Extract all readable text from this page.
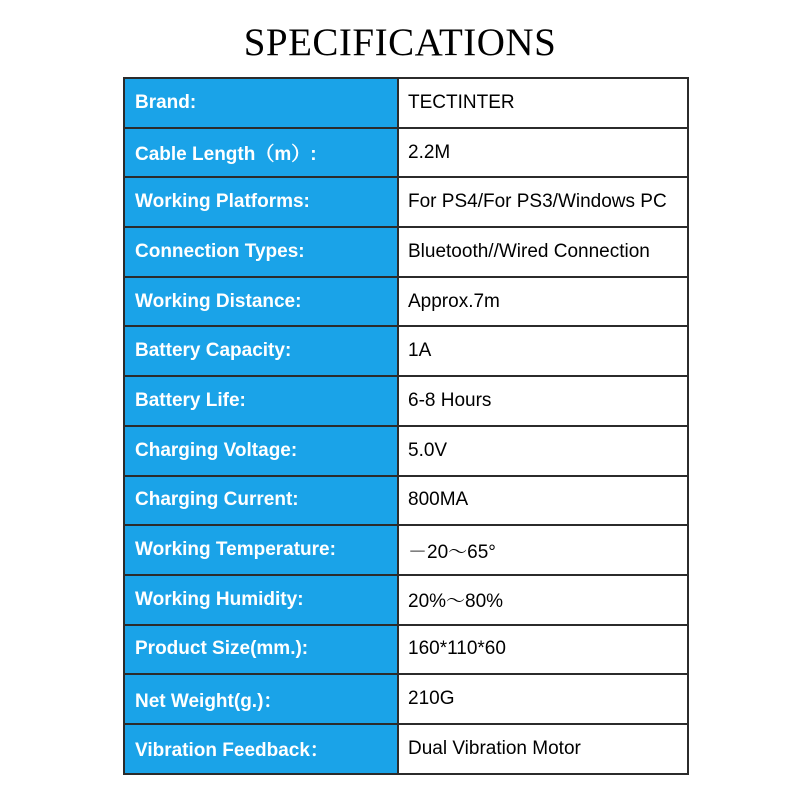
SPECIFICATIONS
Brand:	TECTINTER
Cable Length（m）:	2.2M
Working Platforms:	For PS4/For PS3/Windows PC
Connection Types:	Bluetooth//Wired Connection
Working Distance:	Approx.7m
Battery Capacity:	1A
Battery Life:	6-8 Hours
Charging Voltage:	5.0V
Charging Current:	800MA
Working Temperature:	－20～65°
Working Humidity:	20%～80%
Product Size(mm.):	160*110*60
Net Weight(g.)：	210G
Vibration Feedback：	Dual Vibration Motor
